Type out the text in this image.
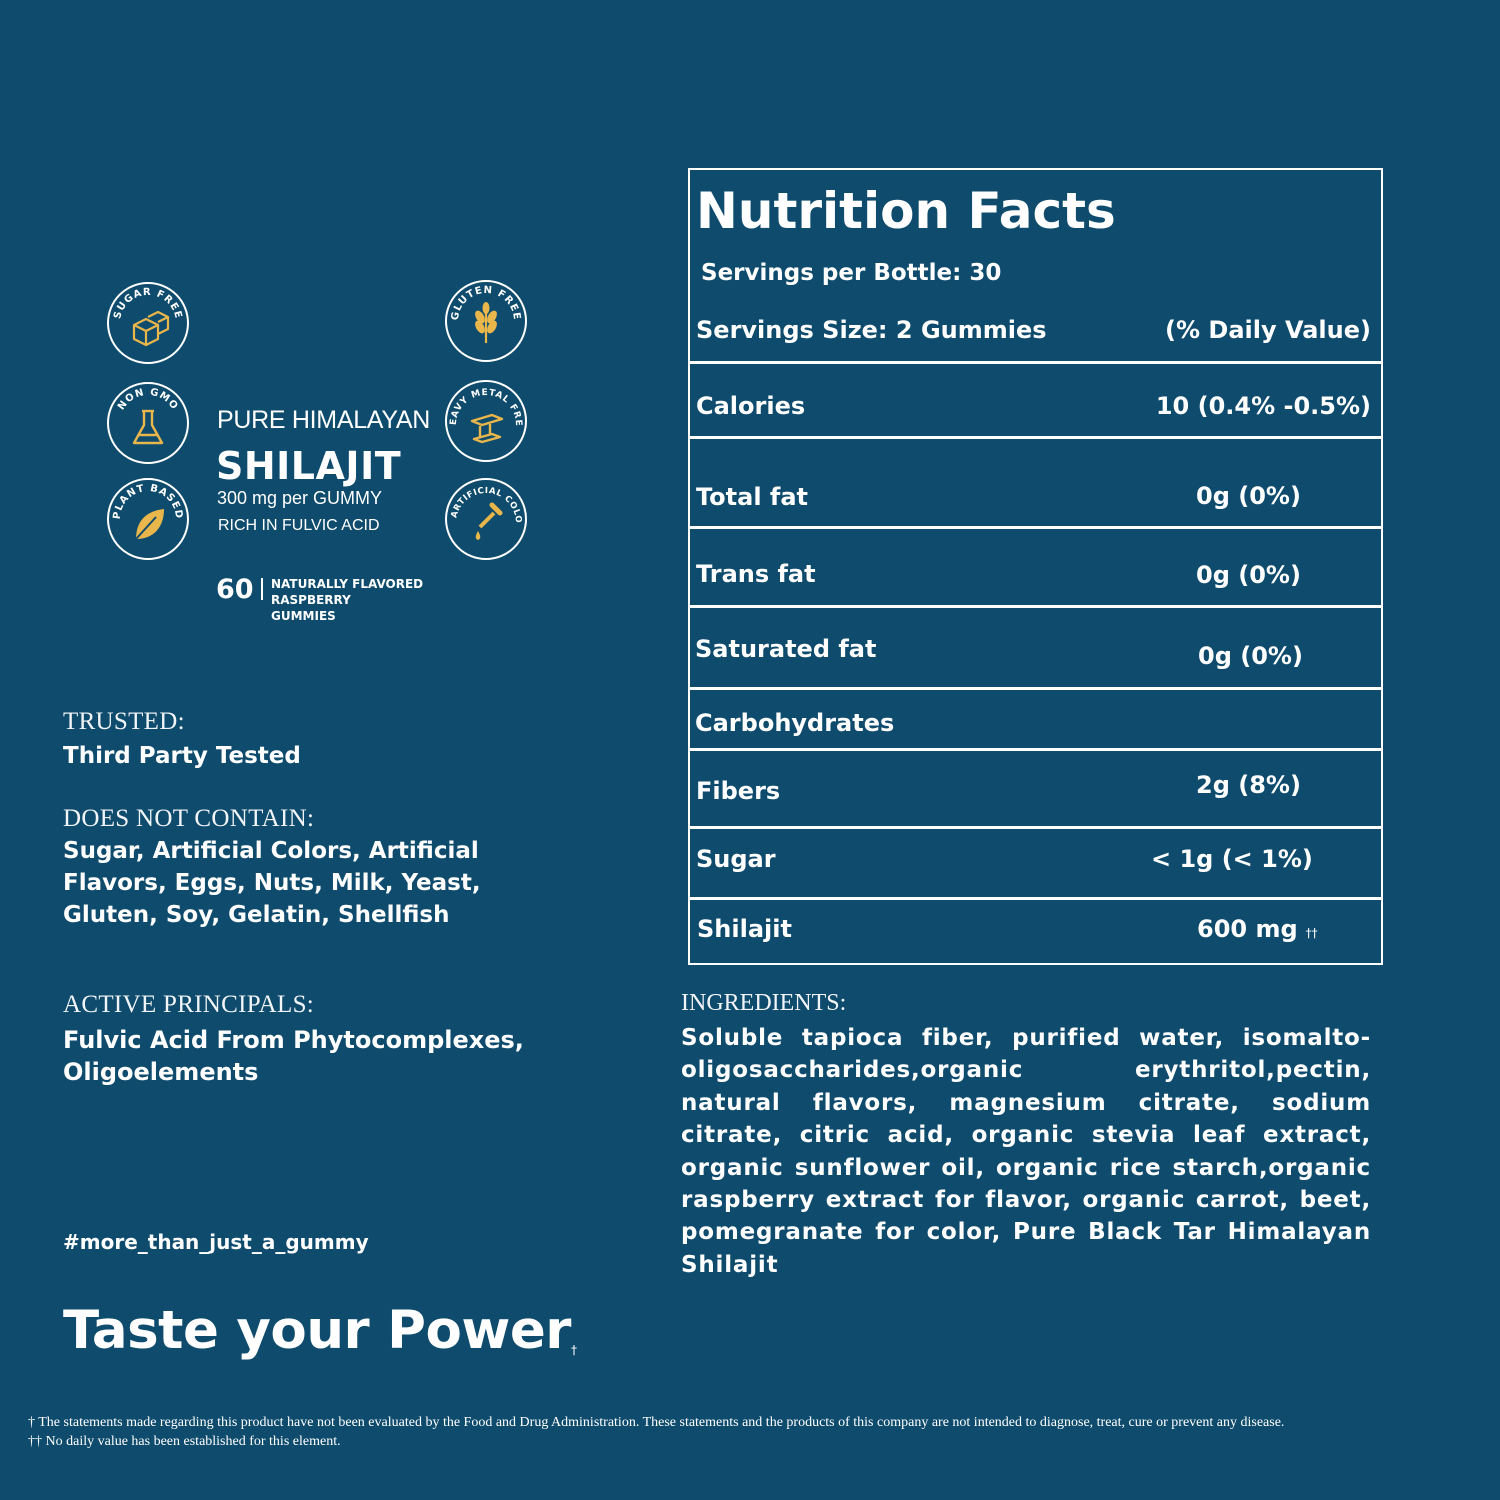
SUGAR FREE
NON GMO
PLANT BASED
GLUTEN FREE
EAVY METAL FRE
ARTIFICIAL COLO
PURE HIMALAYAN
SHILAJIT
300 mg per GUMMY
RICH IN FULVIC ACID
60 NATURALLY FLAVORED
RASPBERRY
GUMMIES
TRUSTED:
Third Party Tested
DOES NOT CONTAIN:
Sugar, Artificial Colors, Artificial
Flavors, Eggs, Nuts, Milk, Yeast,
Gluten, Soy, Gelatin, Shellfish
ACTIVE PRINCIPALS:
Fulvic Acid From Phytocomplexes,
Oligoelements
#more_than_just_a_gummy
Taste your Power†
Nutrition Facts
Servings per Bottle: 30
Servings Size: 2 Gummies	(% Daily Value)
Calories	10 (0.4% -0.5%)
Total fat	0g (0%)
Trans fat	0g (0%)
Saturated fat	0g (0%)
Carbohydrates
Fibers	2g (8%)
Sugar	< 1g (< 1%)
Shilajit	600 mg ††
INGREDIENTS:
Soluble tapioca fiber, purified water, isomalto-oligosaccharides,organic erythritol,pectin, natural flavors, magnesium citrate, sodium citrate, citric acid, organic stevia leaf extract, organic sunflower oil, organic rice starch,organic raspberry extract for flavor, organic carrot, beet, pomegranate for color, Pure Black Tar Himalayan Shilajit
† The statements made regarding this product have not been evaluated by the Food and Drug Administration. These statements and the products of this company are not intended to diagnose, treat, cure or prevent any disease.
†† No daily value has been established for this element.
